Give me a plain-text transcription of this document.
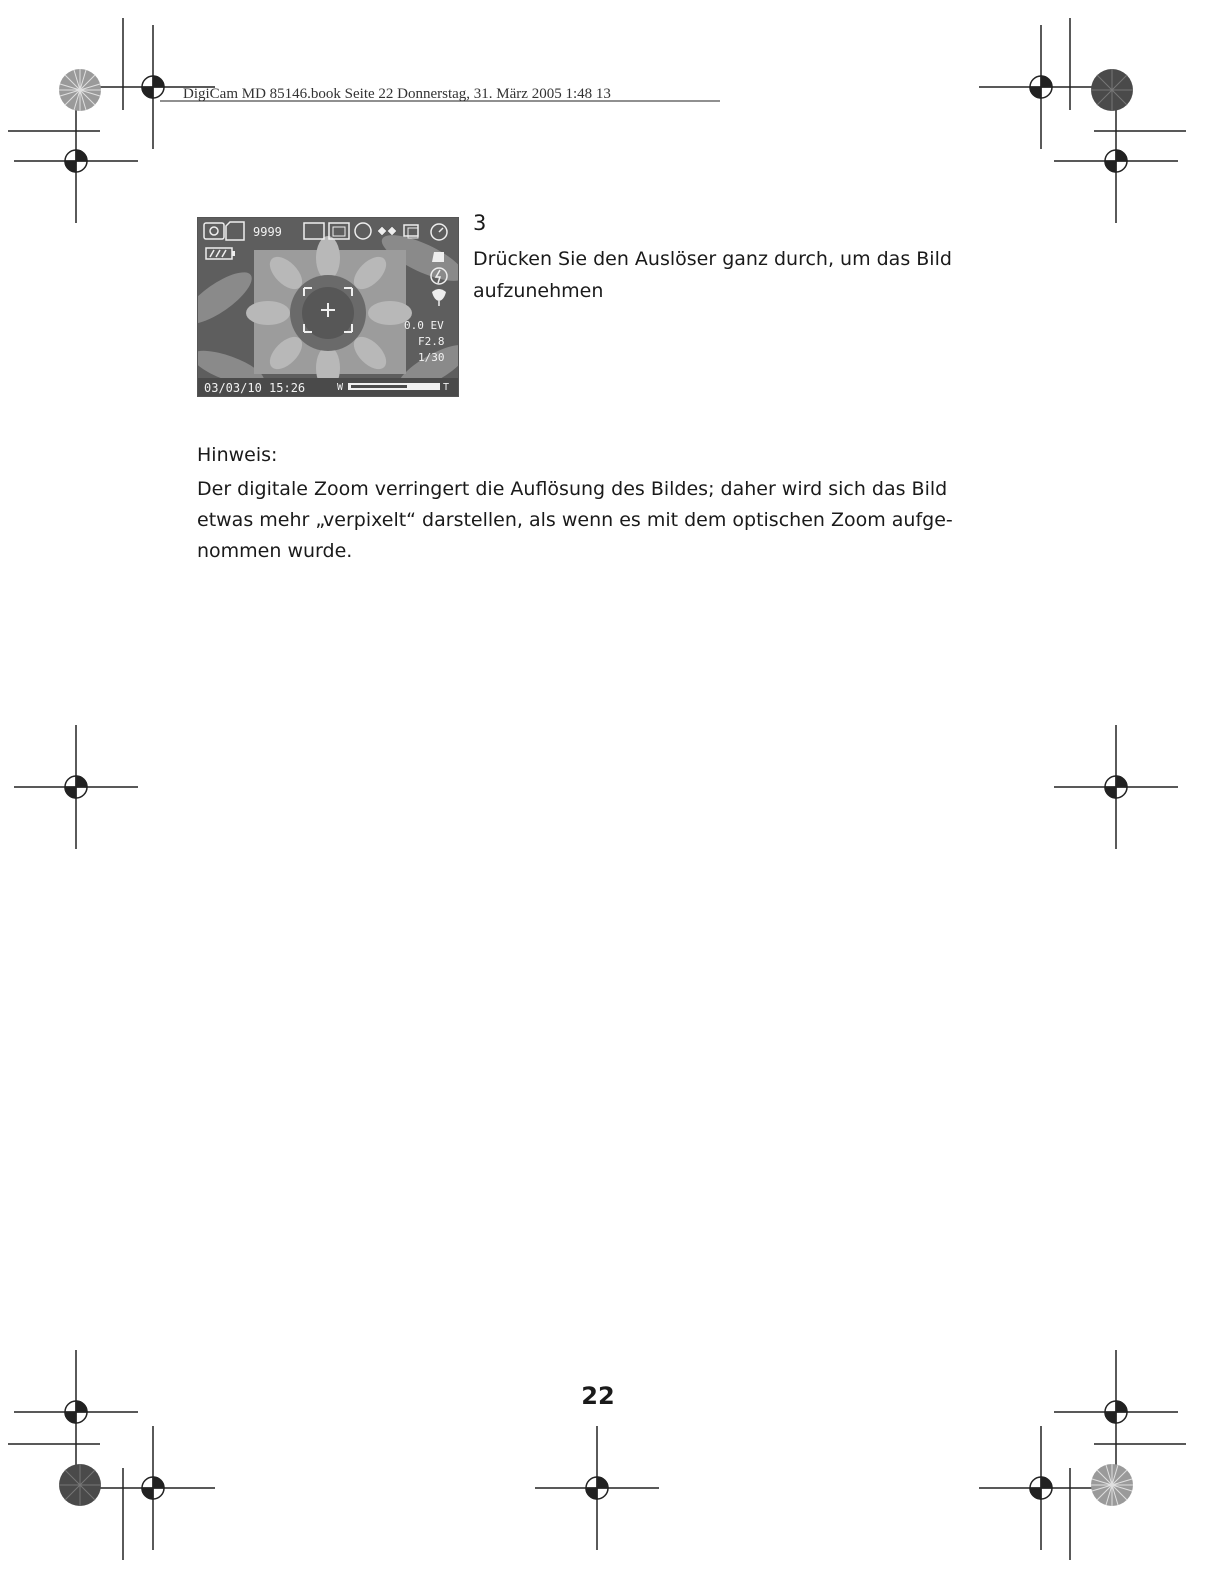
DigiCam MD 85146.book Seite 22 Donnerstag, 31. März 2005 1:48 13

9999
0.0 EV
F2.8
1/30
03/03/10 15:26	W	T
3

Drücken Sie den Auslöser ganz durch, um das Bild aufzunehmen

Hinweis:

Der digitale Zoom verringert die Auflösung des Bildes; daher wird sich das Bild etwas mehr „verpixelt“ darstellen, als wenn es mit dem optischen Zoom aufge-nommen wurde.

22
